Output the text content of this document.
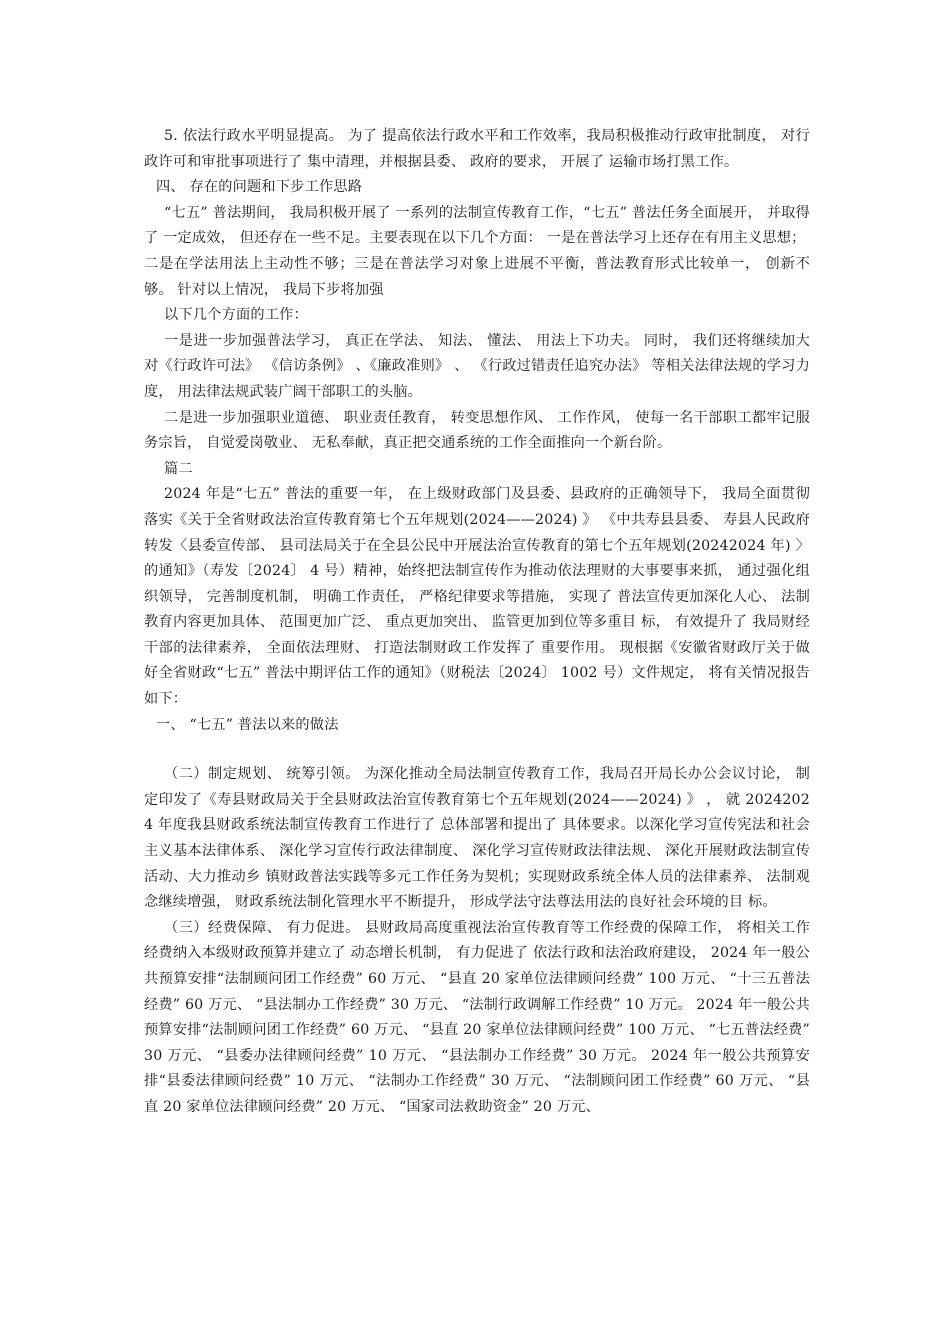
5. 依法行政水平明显提高。 为了 提高依法行政水平和工作效率，我局积极推动行政审批制度， 对行政许可和审批事项进行了 集中清理，并根据县委、 政府的要求， 开展了 运输市场打黑工作。

四、 存在的问题和下步工作思路

“七五” 普法期间， 我局积极开展了 一系列的法制宣传教育工作，“七五” 普法任务全面展开， 并取得了 一定成效， 但还存在一些不足。主要表现在以下几个方面： 一是在普法学习上还存在有用主义思想；

二是在学法用法上主动性不够；三是在普法学习对象上进展不平衡，普法教育形式比较单一， 创新不够。 针对以上情况， 我局下步将加强

以下几个方面的工作：

一是进一步加强普法学习， 真正在学法、 知法、 懂法、 用法上下功夫。 同时， 我们还将继续加大对《行政许可法》 《信访条例》 、《廉政准则》 、 《行政过错责任追究办法》 等相关法律法规的学习力度， 用法律法规武装广阔干部职工的头脑。

二是进一步加强职业道德、 职业责任教育， 转变思想作风、 工作作风， 使每一名干部职工都牢记服务宗旨， 自觉爱岗敬业、 无私奉献，真正把交通系统的工作全面推向一个新台阶。

篇二

2024 年是“七五” 普法的重要一年， 在上级财政部门及县委、县政府的正确领导下， 我局全面贯彻落实《关于全省财政法治宣传教育第七个五年规划(2024——2024) 》 《中共寿县县委、 寿县人民政府转发〈县委宣传部、 县司法局关于在全县公民中开展法治宣传教育的第七个五年规划(20242024 年) 〉 的通知》（寿发〔2024〕 4 号）精神，始终把法制宣传作为推动依法理财的大事要事来抓， 通过强化组织领导， 完善制度机制， 明确工作责任， 严格纪律要求等措施， 实现了 普法宣传更加深化人心、 法制教育内容更加具体、 范围更加广泛、 重点更加突出、 监管更加到位等多重目 标， 有效提升了 我局财经干部的法律素养， 全面依法理财、 打造法制财政工作发挥了 重要作用。 现根据《安徽省财政厅关于做好全省财政“七五” 普法中期评估工作的通知》（财税法〔2024〕 1002 号）文件规定， 将有关情况报告如下：

一、 “七五” 普法以来的做法

（二）制定规划、 统筹引领。 为深化推动全局法制宣传教育工作，我局召开局长办公会议讨论， 制定印发了《寿县财政局关于全县财政法治宣传教育第七个五年规划(2024——2024) 》 ， 就 20242024 年度我县财政系统法制宣传教育工作进行了 总体部署和提出了 具体要求。以深化学习宣传宪法和社会主义基本法律体系、 深化学习宣传行政法律制度、 深化学习宣传财政法律法规、 深化开展财政法制宣传活动、大力推动乡 镇财政普法实践等多元工作任务为契机；实现财政系统全体人员的法律素养、 法制观念继续增强， 财政系统法制化管理水平不断提升， 形成学法守法尊法用法的良好社会环境的目 标。

（三）经费保障、 有力促进。 县财政局高度重视法治宣传教育等工作经费的保障工作， 将相关工作经费纳入本级财政预算并建立了 动态增长机制， 有力促进了 依法行政和法治政府建设， 2024 年一般公共预算安排“法制顾问团工作经费” 60 万元、 “县直 20 家单位法律顾问经费” 100 万元、 “十三五普法经费” 60 万元、 “县法制办工作经费” 30 万元、 “法制行政调解工作经费” 10 万元。 2024 年一般公共预算安排“法制顾问团工作经费” 60 万元、 “县直 20 家单位法律顾问经费” 100 万元、 “七五普法经费” 30 万元、 “县委办法律顾问经费” 10 万元、 “县法制办工作经费” 30 万元。 2024 年一般公共预算安排“县委法律顾问经费” 10 万元、 “法制办工作经费” 30 万元、 “法制顾问团工作经费” 60 万元、 “县直 20 家单位法律顾问经费” 20 万元、 “国家司法救助资金” 20 万元、
